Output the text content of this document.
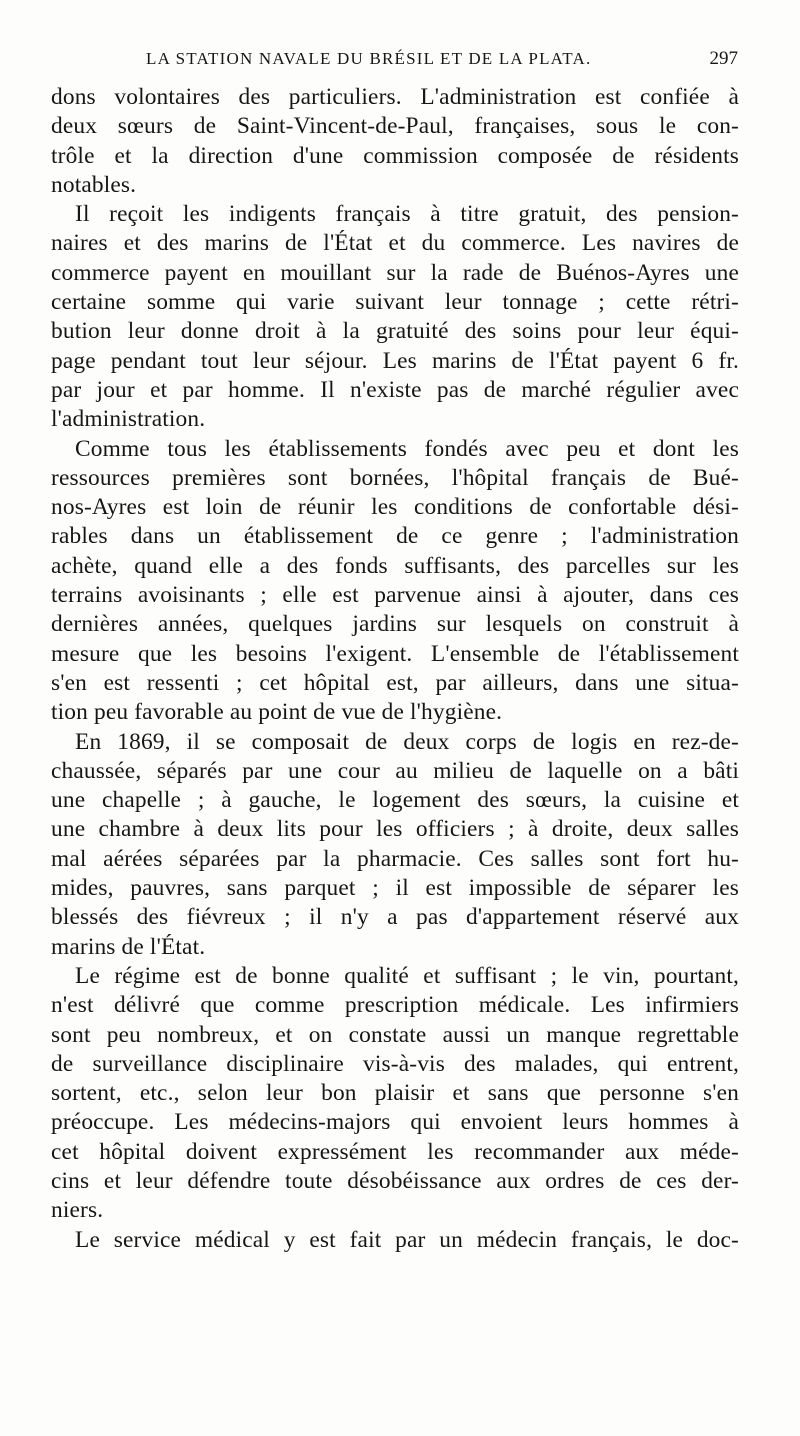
LA STATION NAVALE DU BRÉSIL ET DE LA PLATA.	297
dons volontaires des particuliers. L'administration est confiée à
deux sœurs de Saint-Vincent-de-Paul, françaises, sous le con-
trôle et la direction d'une commission composée de résidents
notables.
Il reçoit les indigents français à titre gratuit, des pension-
naires et des marins de l'État et du commerce. Les navires de
commerce payent en mouillant sur la rade de Buénos-Ayres une
certaine somme qui varie suivant leur tonnage ; cette rétri-
bution leur donne droit à la gratuité des soins pour leur équi-
page pendant tout leur séjour. Les marins de l'État payent 6 fr.
par jour et par homme. Il n'existe pas de marché régulier avec
l'administration.
Comme tous les établissements fondés avec peu et dont les
ressources premières sont bornées, l'hôpital français de Bué-
nos-Ayres est loin de réunir les conditions de confortable dési-
rables dans un établissement de ce genre ; l'administration
achète, quand elle a des fonds suffisants, des parcelles sur les
terrains avoisinants ; elle est parvenue ainsi à ajouter, dans ces
dernières années, quelques jardins sur lesquels on construit à
mesure que les besoins l'exigent. L'ensemble de l'établissement
s'en est ressenti ; cet hôpital est, par ailleurs, dans une situa-
tion peu favorable au point de vue de l'hygiène.
En 1869, il se composait de deux corps de logis en rez-de-
chaussée, séparés par une cour au milieu de laquelle on a bâti
une chapelle ; à gauche, le logement des sœurs, la cuisine et
une chambre à deux lits pour les officiers ; à droite, deux salles
mal aérées séparées par la pharmacie. Ces salles sont fort hu-
mides, pauvres, sans parquet ; il est impossible de séparer les
blessés des fiévreux ; il n'y a pas d'appartement réservé aux
marins de l'État.
Le régime est de bonne qualité et suffisant ; le vin, pourtant,
n'est délivré que comme prescription médicale. Les infirmiers
sont peu nombreux, et on constate aussi un manque regrettable
de surveillance disciplinaire vis-à-vis des malades, qui entrent,
sortent, etc., selon leur bon plaisir et sans que personne s'en
préoccupe. Les médecins-majors qui envoient leurs hommes à
cet hôpital doivent expressément les recommander aux méde-
cins et leur défendre toute désobéissance aux ordres de ces der-
niers.
Le service médical y est fait par un médecin français, le doc-
